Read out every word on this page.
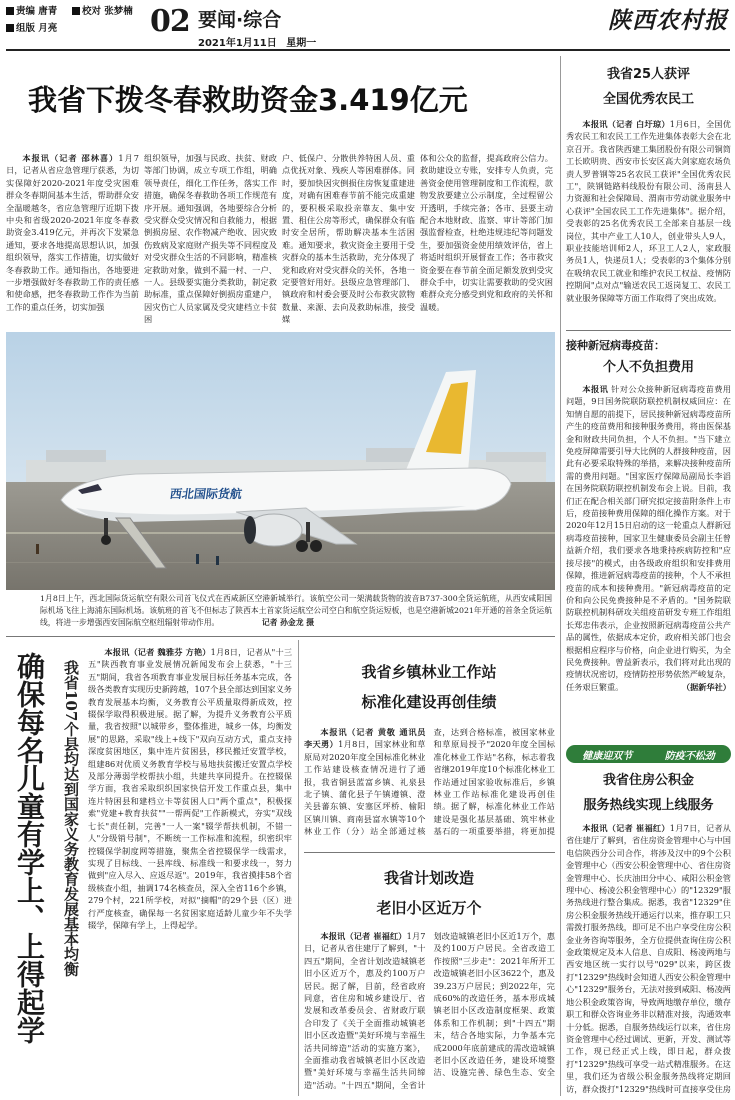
责编 唐青	校对 张梦楠
组版 月亮	02 要闻·综合
2021年1月11日 星期一
陕西农村报
我省下拨冬春救助资金3.419亿元

本报讯（记者 邵林喜）1月7日，记者从省应急管理厅获悉，为切实保障好2020-2021年度受灾困难群众冬春期间基本生活，帮助群众安全温暖越冬，省应急管理厅近期下拨中央和省级2020-2021年度冬春救助资金3.419亿元，并再次下发紧急通知，要求各地提高思想认识，加强组织领导，落实工作措施，切实做好冬春救助工作。通知指出，各地要进一步增强做好冬春救助工作的责任感和使命感，把冬春救助工作作为当前工作的重点任务，切实加强

组织领导，加强与民政、扶贫、财政等部门协调，成立专项工作组，明确领导责任，细化工作任务，落实工作措施，确保冬春救助各项工作规范有序开展。通知强调，各地要综合分析受灾群众受灾情况和自救能力，根据倒损房屋、农作物减产绝收、因灾致伤致病及家庭财产损失等不同程度及对受灾群众生活的不同影响，精准核定救助对象，做到不漏一村、一户、一人。县级要实施分类救助，制定救助标准，重点保障好倒损房重建户，因灾伤亡人员家属及受灾建档立卡贫困

户、低保户、分散供养特困人员、重点优抚对象、残疾人等困难群体。同时，要加快因灾倒损住房恢复重建进度，对确有困难春节前不能完成重建的，要积极采取投亲靠友、集中安置、租住公房等形式，确保群众有临时安全居所，帮助解决基本生活困难。通知要求，救灾资金主要用于受灾群众的基本生活救助，充分体现了党和政府对受灾群众的关怀，各地一定要管好用好。县级应急管理部门、镇政府和村委会要及时公布救灾款物数量、来源、去向及救助标准，接受媒

体和公众的监督，提高政府公信力。救助建设立专账，安排专人负责，完善资金使用管理制度和工作流程，款物发放要建立公示制度，全过程留公开透明，手续完备；各市、县要主动配合本地财政、监察、审计等部门加强监督检查，杜绝违规违纪等问题发生，要加强资金使用绩效评估，省上将适时组织开展督查工作；各市救灾资金要在春节前全面足额发放到受灾群众手中，切实让需要救助的受灾困难群众充分感受到党和政府的关怀和温暖。

我省25人获评
全国优秀农民工

本报讯（记者 白圩琼）1月6日，全国优秀农民工和农民工工作先进集体表彰大会在北京召开。我省陕西建工集团股份有限公司铜筒工长欧明贵、西安市长安区高大剑家庭农场负责人罗普钢等25名农民工获评"全国优秀农民工"，陕钢链路料线股份有限公司、汤南县人力资源和社会保障局、渭南市劳动就业服务中心获评"全国农民工工作先进集体"。据介绍，受表彰的25名优秀农民工全部来自基层一线岗位，其中产业工人10人，创业带头人9人，职业技能培训师2人，环卫工人2人，家政服务员1人，快递员1人；受表彰的3个集体分别在吸纳农民工就业和维护农民工权益、疫情防控期间"点对点"输送农民工返岗复工、农民工就业服务保障等方面工作取得了突出成效。

西北国际货航
1月8日上午，西北国际货运航空有限公司首飞仪式在西咸新区空港新城举行。该航空公司一架满载货物的波音B737-300全货运航班，从西安咸阳国际机场飞往上海浦东国际机场。该航班的首飞不但标志了陕西本土首家货运航空公司空白和航空货运短板，也是空港新城2021年开通的首条全货运航线，将进一步增强西安国际航空枢纽辐射带动作用。	记者 孙金龙 摄
接种新冠病毒疫苗：
个人不负担费用

本报讯 针对公众接种新冠病毒疫苗费用问题，9日国务院联防联控机制权威回应：在知情自愿的前提下，居民接种新冠病毒疫苗所产生的疫苗费用和接种服务费用，将由医保基金和财政共同负担，个人不负担。"当下建立免疫屏障需要引导大比例的人群接种疫苗，因此有必要采取特殊的举措，来解决接种疫苗所需的费用问题。"国家医疗保障局副局长李滔在国务院联防联控机制发布会上说。目前，我们正在配合相关部门研究拟定接苗附条件上市后，疫苗接种费用保障的细化操作方案。对于2020年12月15日启动的这一轮重点人群新冠病毒疫苗接种，国家卫生健康委员会副主任曾益新介绍，我们要求各地秉持疾病防控和"应接尽接"的模式，由各级政府组织和安排费用保障，推进新冠病毒疫苗的接种，个人不承担疫苗的成本和接种费用。"新冠病毒疫苗的定价和向公民免费接种是不矛盾的。"国务院联防联控机制科研攻关组疫苗研发专班工作组组长郑忠伟表示，企业按照新冠病毒疫苗公共产品的属性，依据成本定价，政府相关部门也会根据相应程序与价格，向企业进行购买，为全民免费接种。曾益新表示，我们将对此出现的疫情状况密切，疫情防控形势依然严峻复杂，任务艰巨繁重。	（据新华社）

健康迎双节	防疫不松劲
我省住房公积金
服务热线实现上线服务

本报讯（记者 崔福红）1月7日，记者从省住建厅了解到，省住房资金管理中心与中国电信陕西分公司合作，将涉及汉中的9个公积金管理中心（西安公积金管理中心、省住房资金管理中心、长庆油田分中心、咸阳公积金管理中心、杨凌公积金管理中心）的"12329"服务热线进行整合集成。据悉，我省"12329"住房公积金服务热线开通运行以来，推存职工只需拨打服务热线，即可足不出户享受住房公积金业务咨询等服务，全方位提供查询住房公积金政策规定及本人信息、自成阳、杨凌两地与西安地区统一实行以号"029"以来，跨区拨打"12329"热线时会知道人西安公积金管理中心"12329"服务台，无法对接到咸阳、杨凌两地公积金政策咨询，导致两地缴存单位，缴存职工和群众咨询业务非以精准对接，沟通效率十分低。据悉，自服务热线运行以来，省住房资金管理中心经过调试、更新，开发、测试等工作，现已经正式上线，即日起，群众拨打"12329"热线可享受一站式精准服务。在这里，我们还为省级公积金服务热线将定期回访，群众拨打"12329"热线时可直接享受住房

确保每名儿童有学上、上得起学	我省107个县均达到国家义务教育发展基本均衡

本报讯（记者 魏雅芬 方艳）1月8日，记者从"十三五"陕西教育事业发展情况新闻发布会上获悉，"十三五"期间，我省各项教育事业发展目标任务基本完成，各级各类教育实现历史新跨越，107个县全部达到国家义务教育发展基本均衡，义务教育公平质量取得新成效，控辍保学取得积极进展。据了解，为提升义务教育公平质量，我省按照"以城带乡，整体推进，城乡一体，均衡发展"的思路，采取"线上+线下"双向互动方式，重点支持深度贫困地区，集中连片贫困县，移民搬迁安置学校，组建86对优质义务教育学校与易地扶贫搬迁安置点学校及部分薄弱学校帮扶小组，共建共享同提升。在控辍保学方面，我省采取织织国家快信开发工作重点县，集中连片特困县和建档立卡等贫困人口"两个重点"，积极探索"党建+教育扶贫""一帮两促"工作新模式，夯实"双线七长"责任制，完善"一人一案"辍学帮扶机制，不错一人"分级销号制"，不断统一工作标准和流程，织密织牢控辍保学制度网等措施，聚焦全省控辍保学一线需求，实现了目标线、一县库线、标准线一和要求线一，努力做到"应入尽入、应返尽返"。2019年，我省摸排58个省级核查小组，抽调174名核查员，深入全省116个乡镇，279个村，221所学校，对拟"摘帽"的29个县（区）进行严度核查，确保每一名贫困家庭适龄儿童少年不失学辍学，保障有学上，上得起学。

我省乡镇林业工作站
标准化建设再创佳绩

本报讯（记者 黄敬 通讯员 李天勇）1月8日，国家林业和草原局对2020年度全国标准化林业工作站建设核查情况进行了通报，我省铜县蓝富乡镇、礼泉县北子镇、蒲化县子午镇遵镇、澄关县蕃东镇、安塞区坪桥、榆阳区镇川镇、商南县富水镇等10个林业工作（分）站全部通过核查，达到合格标准，被国家林业和草原局授予"2020年度全国标准化林业工作站"名称，标志着我省继2019年度10个标准化林业工作站通过国家验收标准后，乡镇林业工作站标准化建设再创佳绩。据了解，标准化林业工作站建设是强化基层基础、筑牢林业基石的一项重要举措，将更加提

我省计划改造
老旧小区近万个

本报讯（记者 崔福红）1月7日，记者从省住建厅了解到，"十四五"期间，全省计划改造城镇老旧小区近万个，惠及约100万户居民。据了解，目前，经省政府同意，省住房和城乡建设厅、省发展和改革委员会、省财政厅联合印发了《关于全面推动城镇老旧小区改造暨"美好环境与幸福生活共同缔造"活动的实施方案》，全面推动我省城镇老旧小区改造暨"美好环境与幸福生活共同缔造"活动。"十四五"期间，全省计划改造城镇老旧小区近1万个，惠及约100万户居民。全省改造工作按照"三步走"：2021年所开工改造城镇老旧小区3622个，惠及39.23万户居民；到2022年，完成60%的改造任务，基本形成城镇老旧小区改造制度框架、政策体系和工作机制；到"十四五"期末，结合各地实际，力争基本完成2000年底前建成的需改造城镇老旧小区改造任务，建设环境整洁、设施完善、绿色生态、安全
